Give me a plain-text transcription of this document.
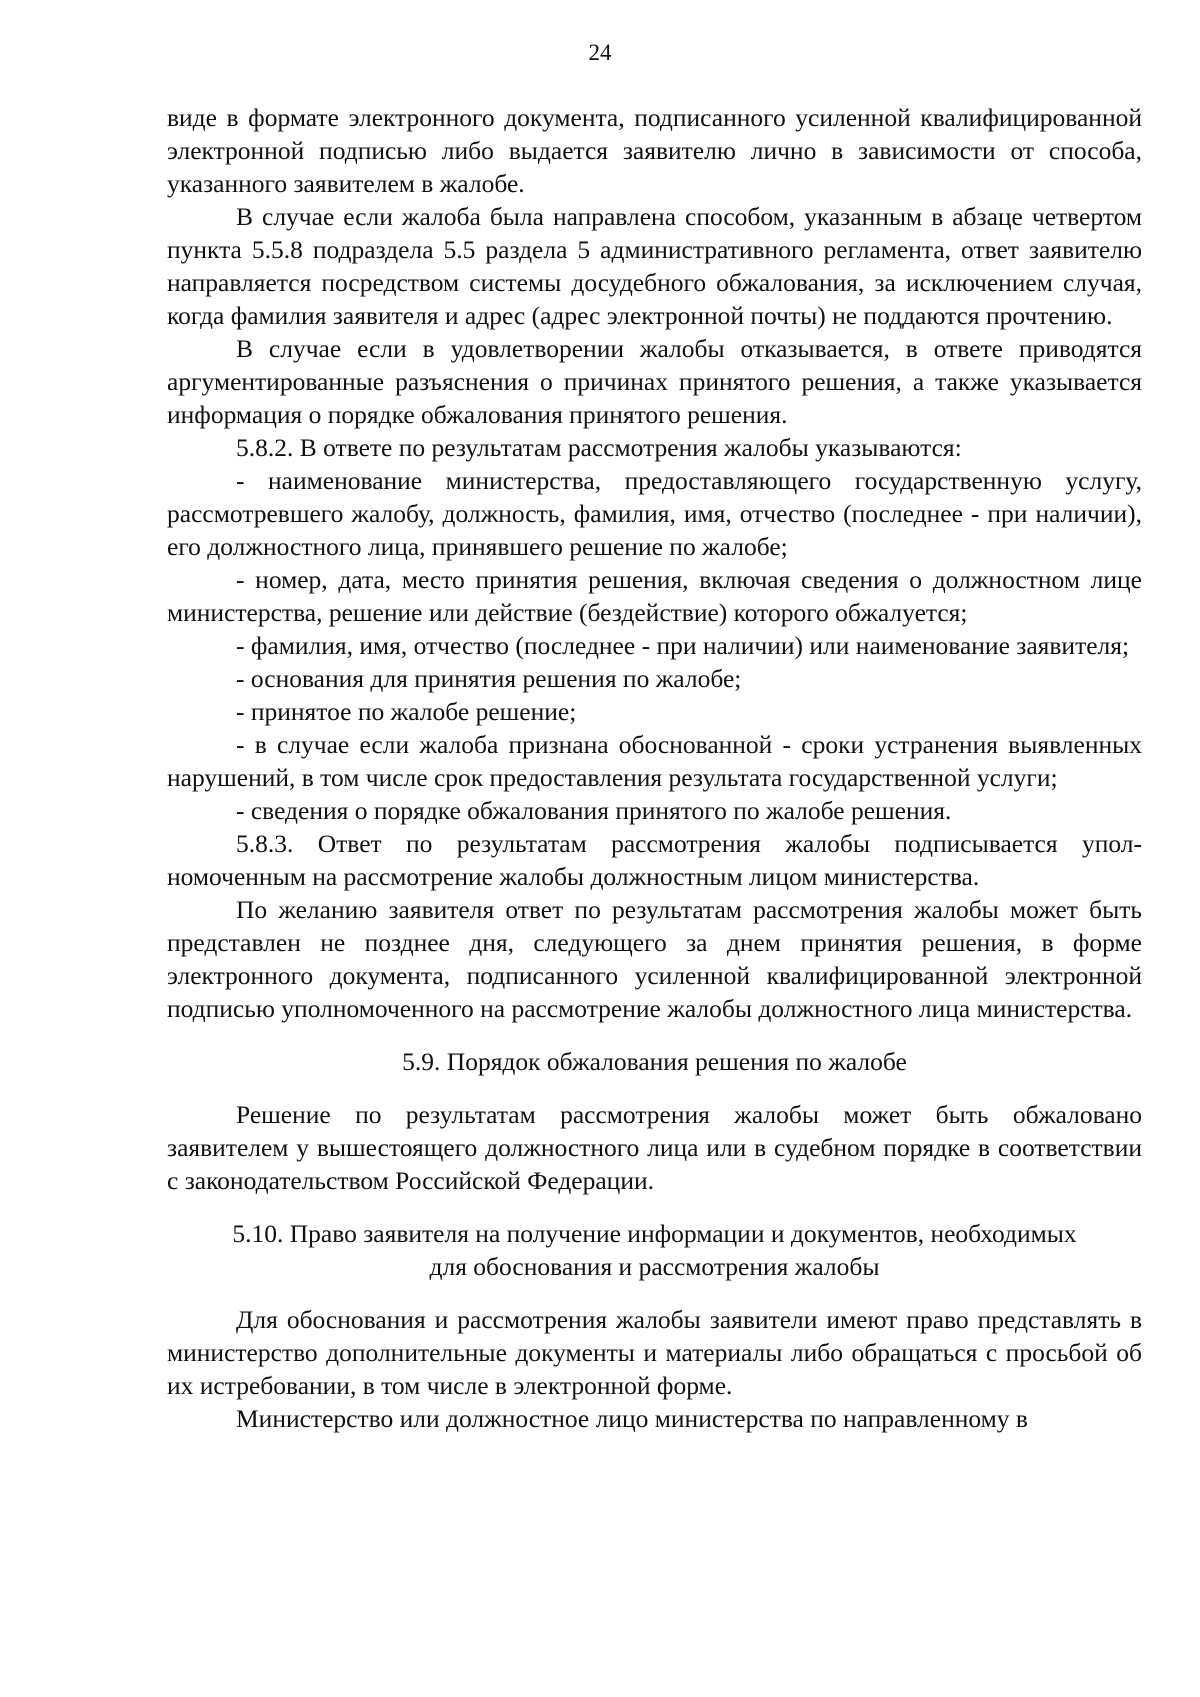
24

виде в формате электронного документа, подписанного усиленной квалифицированной электронной подписью либо выдается заявителю лично в зависимости от способа, указанного заявителем в жалобе.

В случае если жалоба была направлена способом, указанным в абзаце четвертом пункта 5.5.8 подраздела 5.5 раздела 5 административного регламента, ответ заявителю направляется посредством системы досудебного обжалования, за исключением случая, когда фамилия заявителя и адрес (адрес электронной почты) не поддаются прочтению.

В случае если в удовлетворении жалобы отказывается, в ответе приводятся аргументированные разъяснения о причинах принятого решения, а также указывается информация о порядке обжалования принятого решения.

5.8.2. В ответе по результатам рассмотрения жалобы указываются:

- наименование министерства, предоставляющего государственную услугу, рассмотревшего жалобу, должность, фамилия, имя, отчество (последнее - при наличии), его должностного лица, принявшего решение по жалобе;

- номер, дата, место принятия решения, включая сведения о должностном лице министерства, решение или действие (бездействие) которого обжалуется;

- фамилия, имя, отчество (последнее - при наличии) или наименование заявителя;

- основания для принятия решения по жалобе;

- принятое по жалобе решение;

- в случае если жалоба признана обоснованной - сроки устранения выявленных нарушений, в том числе срок предоставления результата государственной услуги;

- сведения о порядке обжалования принятого по жалобе решения.

5.8.3. Ответ по результатам рассмотрения жалобы подписывается уполномоченным на рассмотрение жалобы должностным лицом министерства.

По желанию заявителя ответ по результатам рассмотрения жалобы может быть представлен не позднее дня, следующего за днем принятия решения, в форме электронного документа, подписанного усиленной квалифицированной электронной подписью уполномоченного на рассмотрение жалобы должностного лица министерства.

5.9. Порядок обжалования решения по жалобе

Решение по результатам рассмотрения жалобы может быть обжаловано заявителем у вышестоящего должностного лица или в судебном порядке в соответствии с законодательством Российской Федерации.

5.10. Право заявителя на получение информации и документов, необходимых

для обоснования и рассмотрения жалобы

Для обоснования и рассмотрения жалобы заявители имеют право представлять в министерство дополнительные документы и материалы либо обращаться с просьбой об их истребовании, в том числе в электронной форме.

Министерство или должностное лицо министерства по направленному в
